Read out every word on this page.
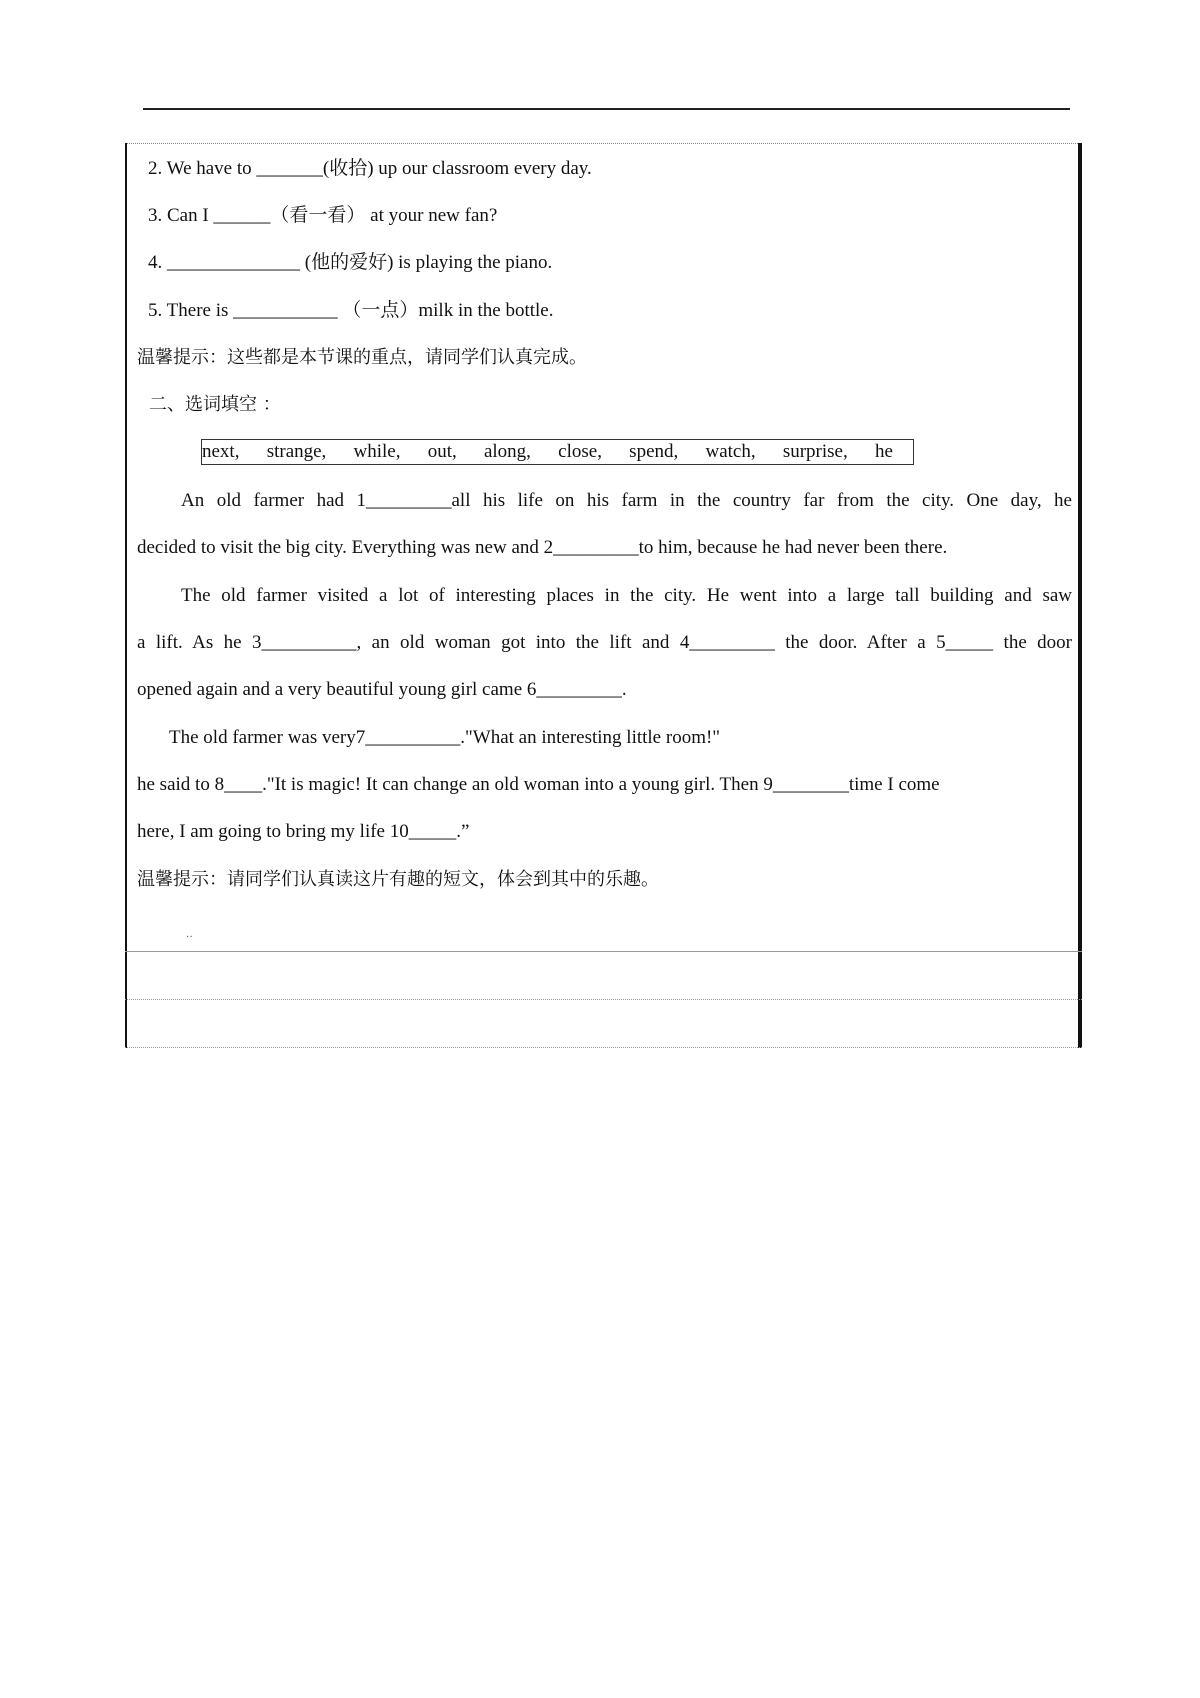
2. We have to _______(收拾) up our classroom every day.
3. Can I ______（看一看） at your new fan?
4. ______________ (他的爱好) is playing the piano.
5. There is ___________ （一点）milk in the bottle.
温馨提示：这些都是本节课的重点，请同学们认真完成。
二、选词填空 ：
next, strange, while, out, along, close, spend, watch, surprise, he
An old farmer had 1_________all his life on his farm in the country far from the city. One day, he
decided to visit the big city. Everything was new and 2_________to him, because he had never been there.
The old farmer visited a lot of interesting places in the city. He went into a large tall building and saw
a lift. As he 3__________, an old woman got into the lift and 4_________ the door. After a 5_____ the door
opened again and a very beautiful young girl came 6_________.
The old farmer was very7__________."What an interesting little room!"
he said to 8____."It is magic! It can change an old woman into a young girl. Then 9________time I come
here, I am going to bring my life 10_____.”
温馨提示：请同学们认真读这片有趣的短文，体会到其中的乐趣。
··
